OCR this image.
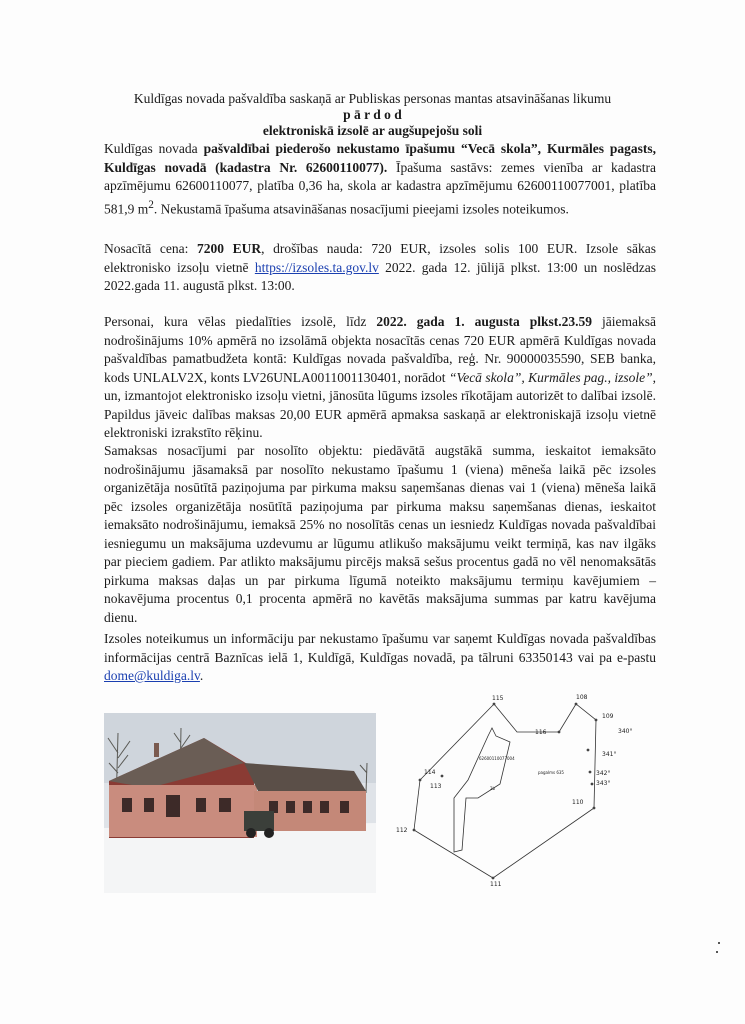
Kuldīgas novada pašvaldība saskaņā ar Publiskas personas mantas atsavināšanas likumu
p ā r d o d
elektroniskā izsolē ar augšupejošu soli
Kuldīgas novada pašvaldībai piederošo nekustamo īpašumu “Vecā skola”, Kurmāles pagasts, Kuldīgas novadā (kadastra Nr. 62600110077). Īpašuma sastāvs: zemes vienība ar kadastra apzīmējumu 62600110077, platība 0,36 ha, skola ar kadastra apzīmējumu 62600110077001, platība 581,9 $m^2$. Nekustamā īpašuma atsavināšanas nosacījumi pieejami izsoles noteikumos.
Nosacītā cena: 7200 EUR, drošības nauda: 720 EUR, izsoles solis 100 EUR. Izsole sākas elektronisko izsoļu vietnē https://izsoles.ta.gov.lv 2022. gada 12. jūlijā plkst. 13:00 un noslēdzas 2022.gada 11. augustā plkst. 13:00.
Personai, kura vēlas piedalīties izsolē, līdz 2022. gada 1. augusta plkst.23.59 jāiemaksā nodrošinājums 10% apmērā no izsolāmā objekta nosacītās cenas 720 EUR apmērā Kuldīgas novada pašvaldības pamatbudžeta kontā: Kuldīgas novada pašvaldība, reģ. Nr. 90000035590, SEB banka, kods UNLALV2X, konts LV26UNLA0011001130401, norādot “Vecā skola”, Kurmāles pag., izsole”, un, izmantojot elektronisko izsoļu vietni, jānosūta lūgums izsoles rīkotājam autorizēt to dalībai izsolē. Papildus jāveic dalības maksas 20,00 EUR apmērā apmaksa saskaņā ar elektroniskajā izsoļu vietnē elektroniski izrakstīto rēķinu.
Samaksas nosacījumi par nosolīto objektu: piedāvātā augstākā summa, ieskaitot iemaksāto nodrošinājumu jāsamaksā par nosolīto nekustamo īpašumu 1 (viena) mēneša laikā pēc izsoles organizētāja nosūtītā paziņojuma par pirkuma maksu saņemšanas dienas vai 1 (viena) mēneša laikā pēc izsoles organizētāja nosūtītā paziņojuma par pirkuma maksu saņemšanas dienas, ieskaitot iemaksāto nodrošinājumu, iemaksā 25% no nosolītās cenas un iesniedz Kuldīgas novada pašvaldībai iesniegumu un maksājuma uzdevumu ar lūgumu atlikušo maksājumu veikt termiņā, kas nav ilgāks par pieciem gadiem. Par atlikto maksājumu pircējs maksā sešus procentus gadā no vēl nenomaksātās pirkuma maksas daļas un par pirkuma līgumā noteikto maksājumu termiņu kavējumiem – nokavējuma procentus 0,1 procenta apmērā no kavētās maksājuma summas par katru kavējuma dienu.
Izsoles noteikumus un informāciju par nekustamo īpašumu var saņemt Kuldīgas novada pašvaldības informācijas centrā Baznīcas ielā 1, Kuldīgā, Kuldīgas novadā, pa tālruni 63350143 vai pa e-pastu dome@kuldiga.lv.
115	108
109
340°
116
341°
342°
343°
110
114
113
112
111
62600110077004
pagalms 635
2b
